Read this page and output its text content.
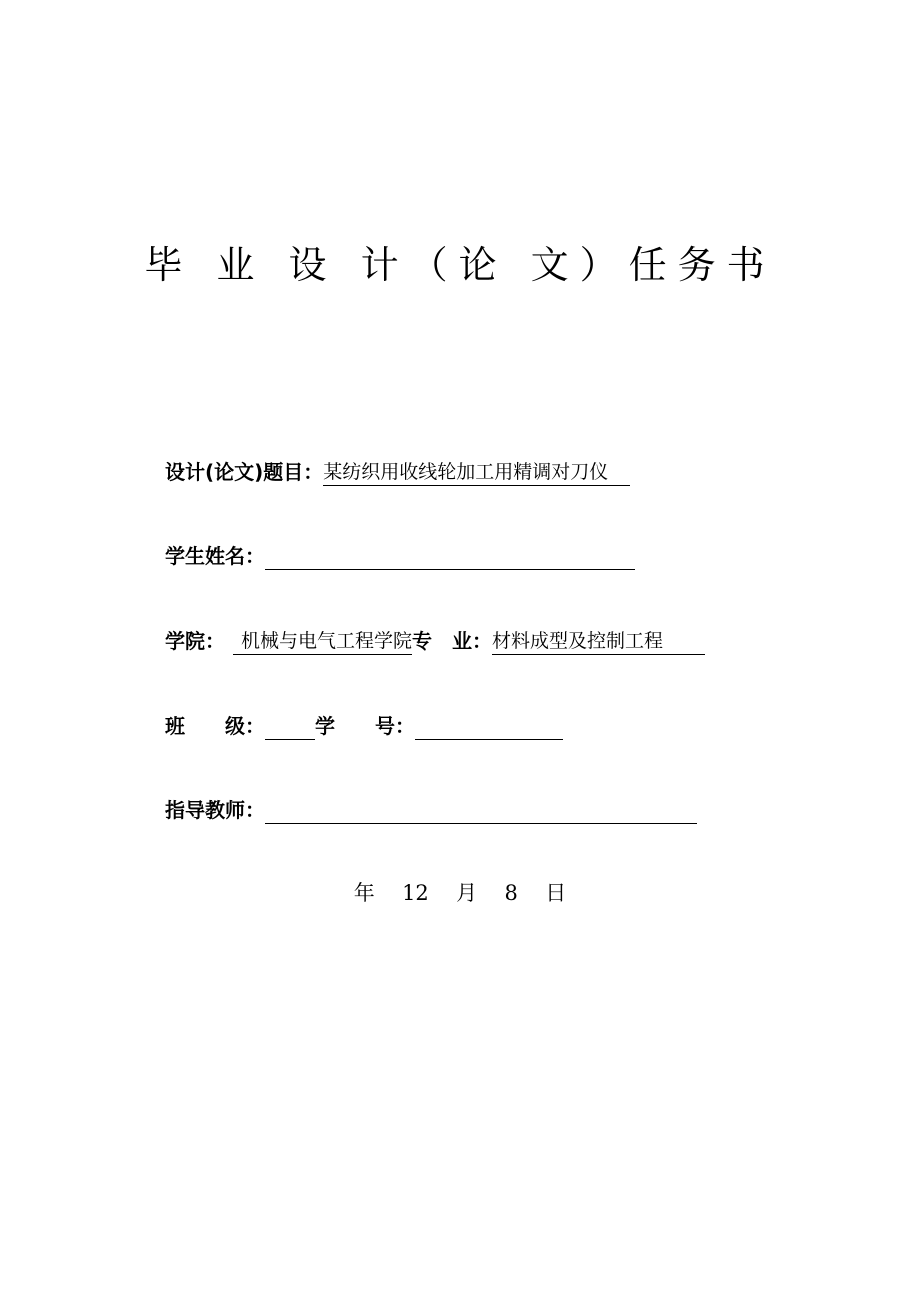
毕 业 设 计（论 文）任务书
设计(论文)题目： 某纺织用收线轮加工用精调对刀仪
学生姓名：
学院： 机械与电气工程学院 专　业： 材料成型及控制工程
班　　级：	学　　号：
指导教师：
年 12 月 8 日
